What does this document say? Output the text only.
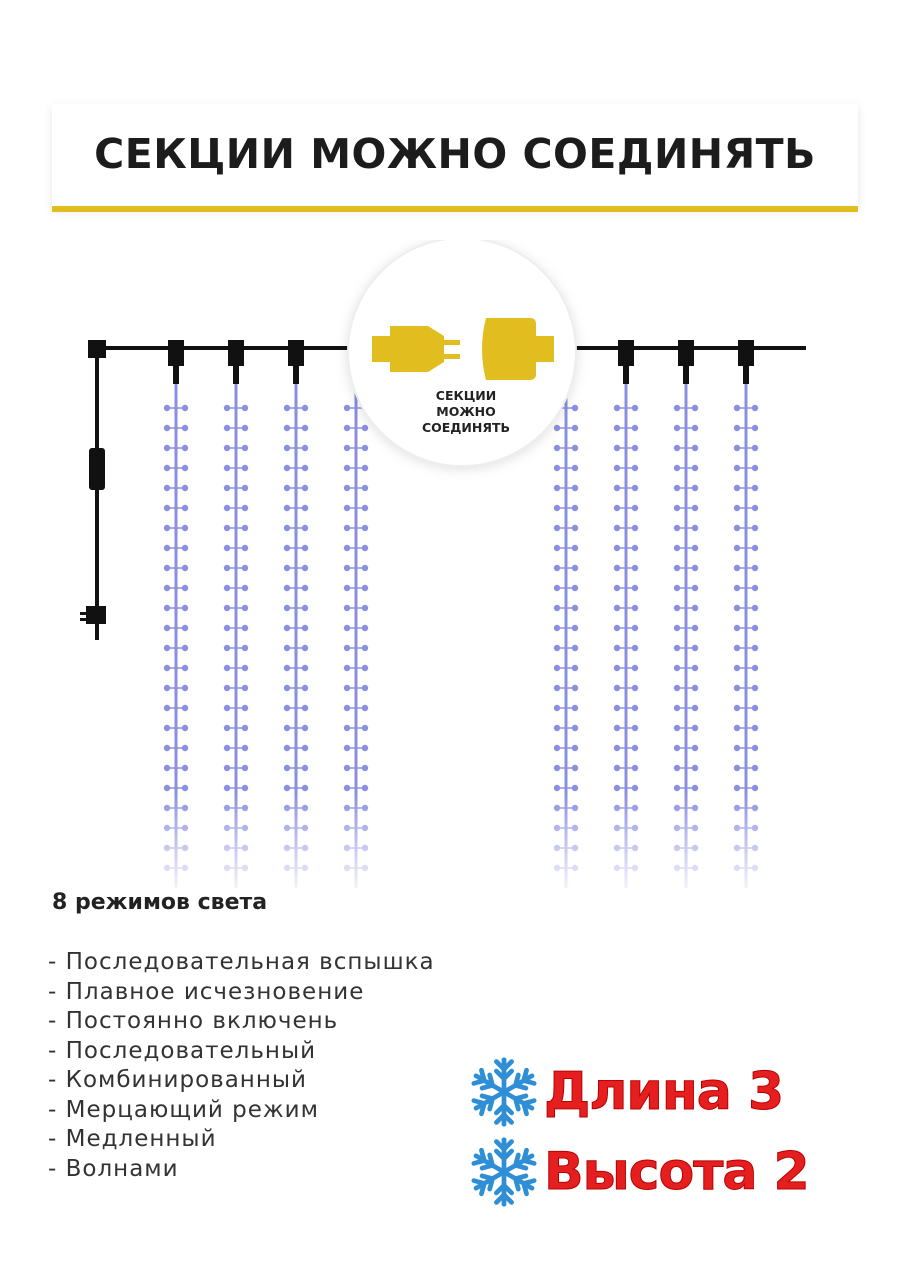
СЕКЦИИ МОЖНО СОЕДИНЯТЬ
СЕКЦИИ
МОЖНО
СОЕДИНЯТЬ
8 режимов света
- Последовательная вспышка
- Плавное исчезновение
- Постоянно включень
- Последовательный
- Комбинированный
- Мерцающий режим
- Медленный
- Волнами
Длина 3
Высота 2
